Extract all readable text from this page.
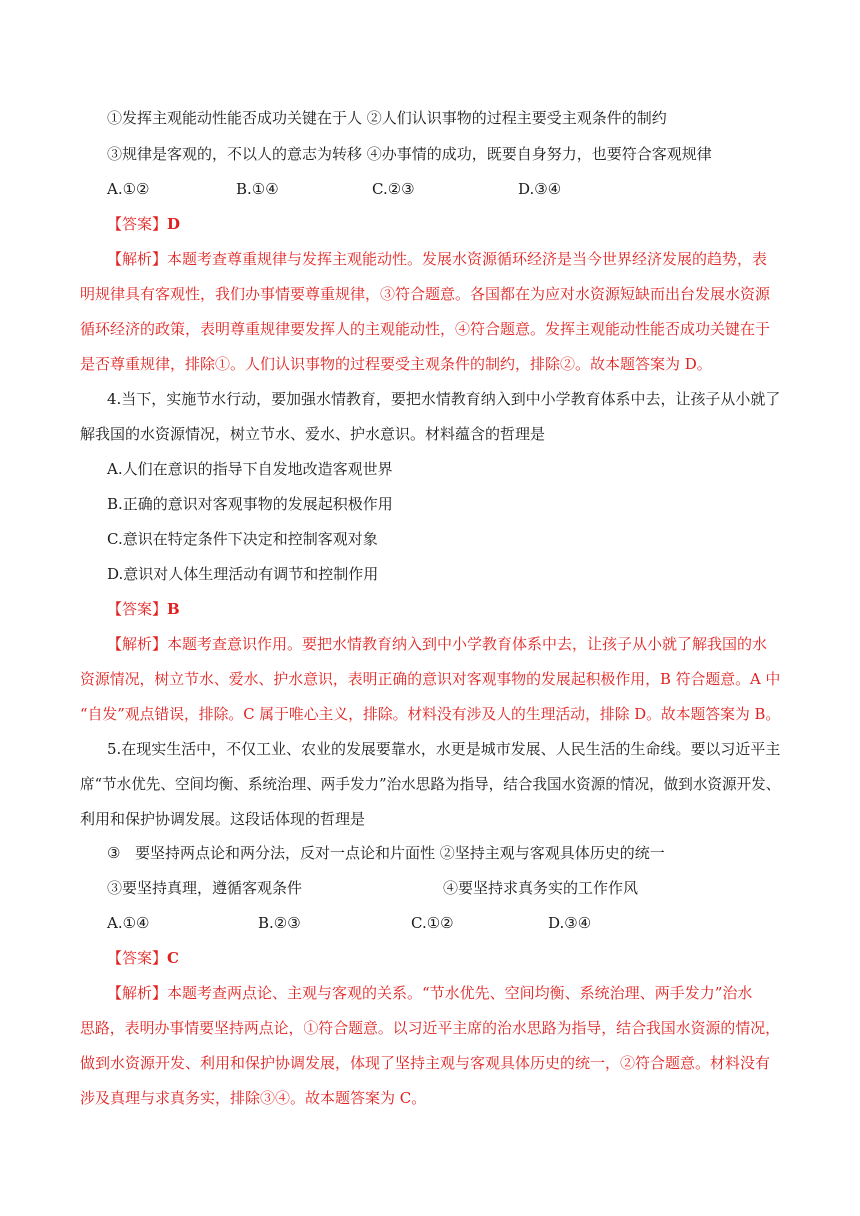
①发挥主观能动性能否成功关键在于人 ②人们认识事物的过程主要受主观条件的制约
③规律是客观的，不以人的意志为转移 ④办事情的成功，既要自身努力，也要符合客观规律
A.①②	B.①④	C.②③	D.③④
【答案】D
【解析】本题考查尊重规律与发挥主观能动性。发展水资源循环经济是当今世界经济发展的趋势，表
明规律具有客观性，我们办事情要尊重规律，③符合题意。各国都在为应对水资源短缺而出台发展水资源
循环经济的政策，表明尊重规律要发挥人的主观能动性，④符合题意。发挥主观能动性能否成功关键在于
是否尊重规律，排除①。人们认识事物的过程要受主观条件的制约，排除②。故本题答案为 D。
4.当下，实施节水行动，要加强水情教育，要把水情教育纳入到中小学教育体系中去，让孩子从小就了
解我国的水资源情况，树立节水、爱水、护水意识。材料蕴含的哲理是
A.人们在意识的指导下自发地改造客观世界
B.正确的意识对客观事物的发展起积极作用
C.意识在特定条件下决定和控制客观对象
D.意识对人体生理活动有调节和控制作用
【答案】B
【解析】本题考查意识作用。要把水情教育纳入到中小学教育体系中去，让孩子从小就了解我国的水
资源情况，树立节水、爱水、护水意识，表明正确的意识对客观事物的发展起积极作用，B 符合题意。A 中
“自发”观点错误，排除。C 属于唯心主义，排除。材料没有涉及人的生理活动，排除 D。故本题答案为 B。
5.在现实生活中，不仅工业、农业的发展要靠水，水更是城市发展、人民生活的生命线。要以习近平主
席“节水优先、空间均衡、系统治理、两手发力”治水思路为指导，结合我国水资源的情况，做到水资源开发、
利用和保护协调发展。这段话体现的哲理是
③ 要坚持两点论和两分法，反对一点论和片面性 ②坚持主观与客观具体历史的统一
③要坚持真理，遵循客观条件	④要坚持求真务实的工作作风
A.①④	B.②③	C.①②	D.③④
【答案】C
【解析】本题考查两点论、主观与客观的关系。“节水优先、空间均衡、系统治理、两手发力”治水
思路，表明办事情要坚持两点论，①符合题意。以习近平主席的治水思路为指导，结合我国水资源的情况，
做到水资源开发、利用和保护协调发展，体现了坚持主观与客观具体历史的统一，②符合题意。材料没有
涉及真理与求真务实，排除③④。故本题答案为 C。
